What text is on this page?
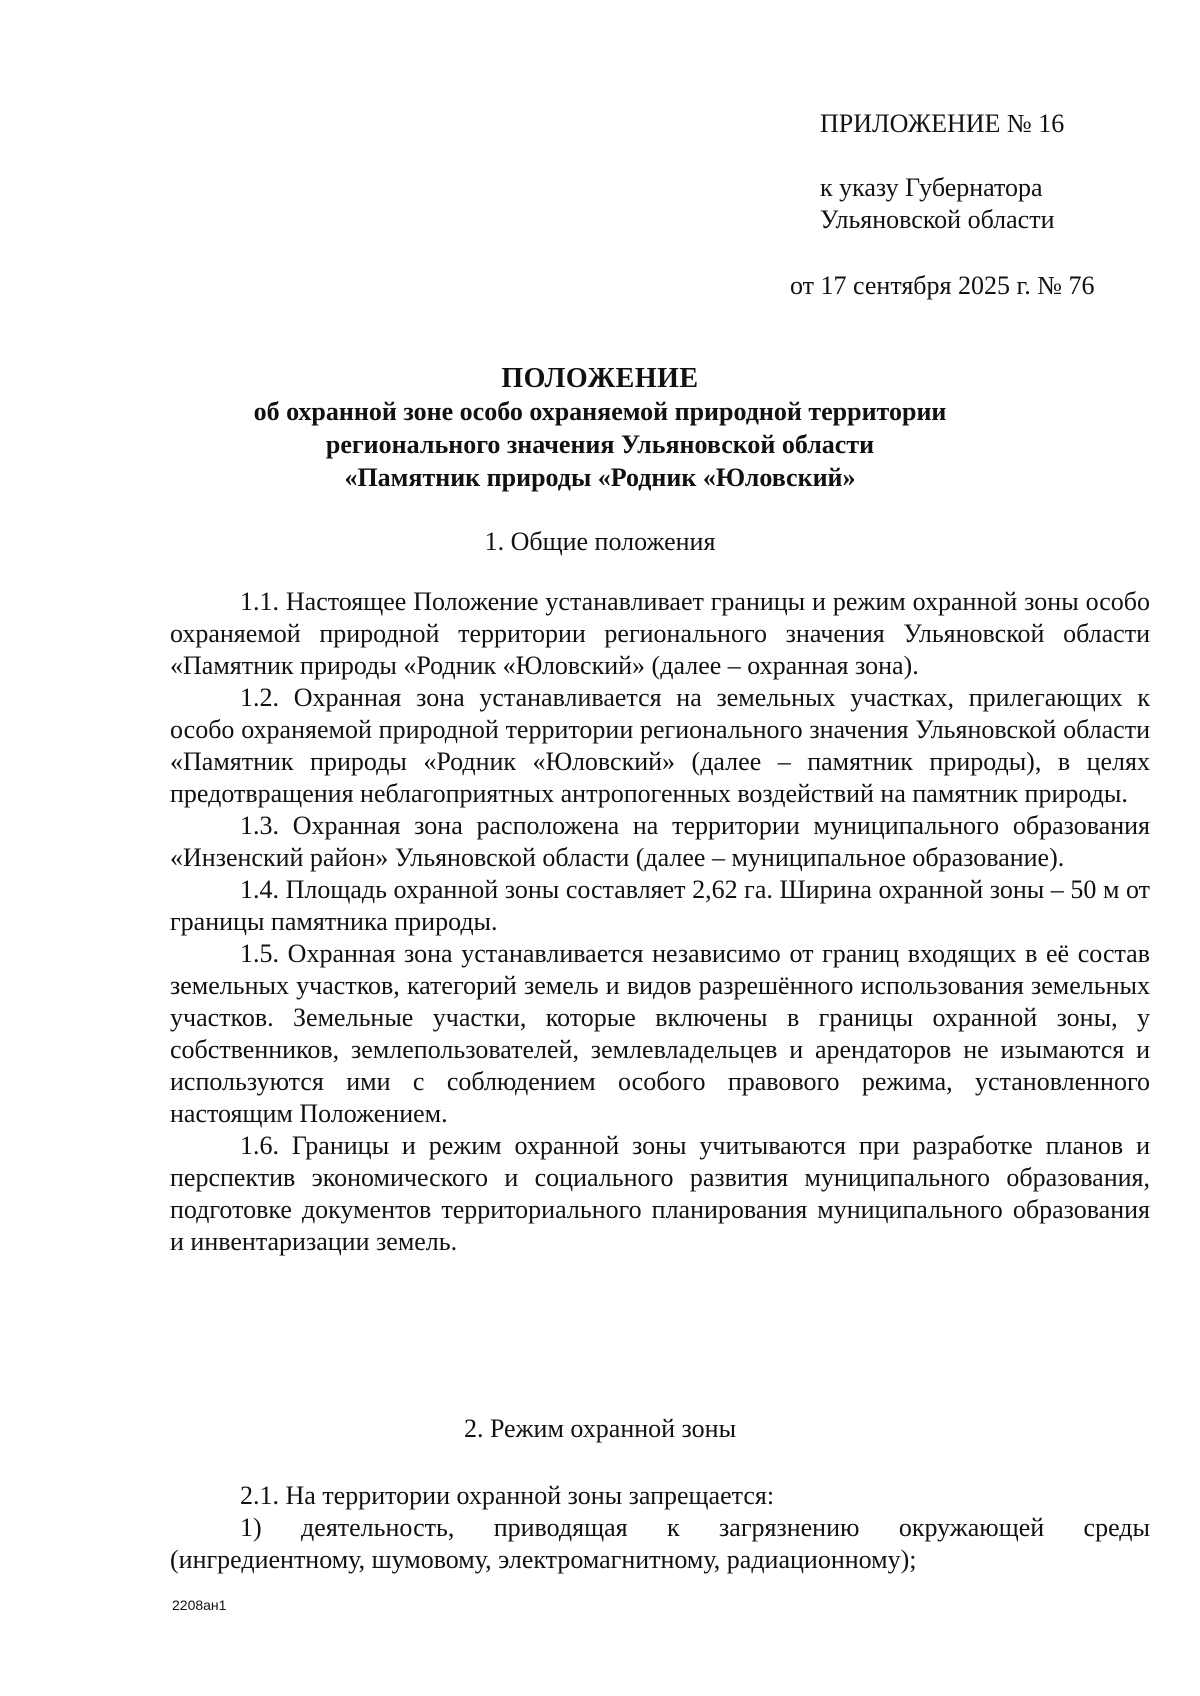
ПРИЛОЖЕНИЕ № 16
к указу Губернатора
Ульяновской области
от 17 сентября 2025 г. № 76
ПОЛОЖЕНИЕ
об охранной зоне особо охраняемой природной территории
регионального значения Ульяновской области
«Памятник природы «Родник «Юловский»
1. Общие положения

1.1. Настоящее Положение устанавливает границы и режим охранной зоны особо охраняемой природной территории регионального значения Ульяновской области «Памятник природы «Родник «Юловский» (далее – охранная зона).

1.2. Охранная зона устанавливается на земельных участках, прилегающих к особо охраняемой природной территории регионального значения Ульяновской области «Памятник природы «Родник «Юловский» (далее – памятник природы), в целях предотвращения неблагоприятных антропогенных воздействий на памятник природы.

1.3. Охранная зона расположена на территории муниципального образования «Инзенский район» Ульяновской области (далее – муниципальное образование).

1.4. Площадь охранной зоны составляет 2,62 га. Ширина охранной зоны – 50 м от границы памятника природы.

1.5. Охранная зона устанавливается независимо от границ входящих в её состав земельных участков, категорий земель и видов разрешённого использования земельных участков. Земельные участки, которые включены в границы охранной зоны, у собственников, землепользователей, землевладельцев и арендаторов не изымаются и используются ими с соблюдением особого правового режима, установленного настоящим Положением.

1.6. Границы и режим охранной зоны учитываются при разработке планов и перспектив экономического и социального развития муниципального образования, подготовке документов территориального планирования муниципального образования и инвентаризации земель.

2. Режим охранной зоны

2.1. На территории охранной зоны запрещается:

1) деятельность, приводящая к загрязнению окружающей среды (ингредиентному, шумовому, электромагнитному, радиационному);

2208ан1
